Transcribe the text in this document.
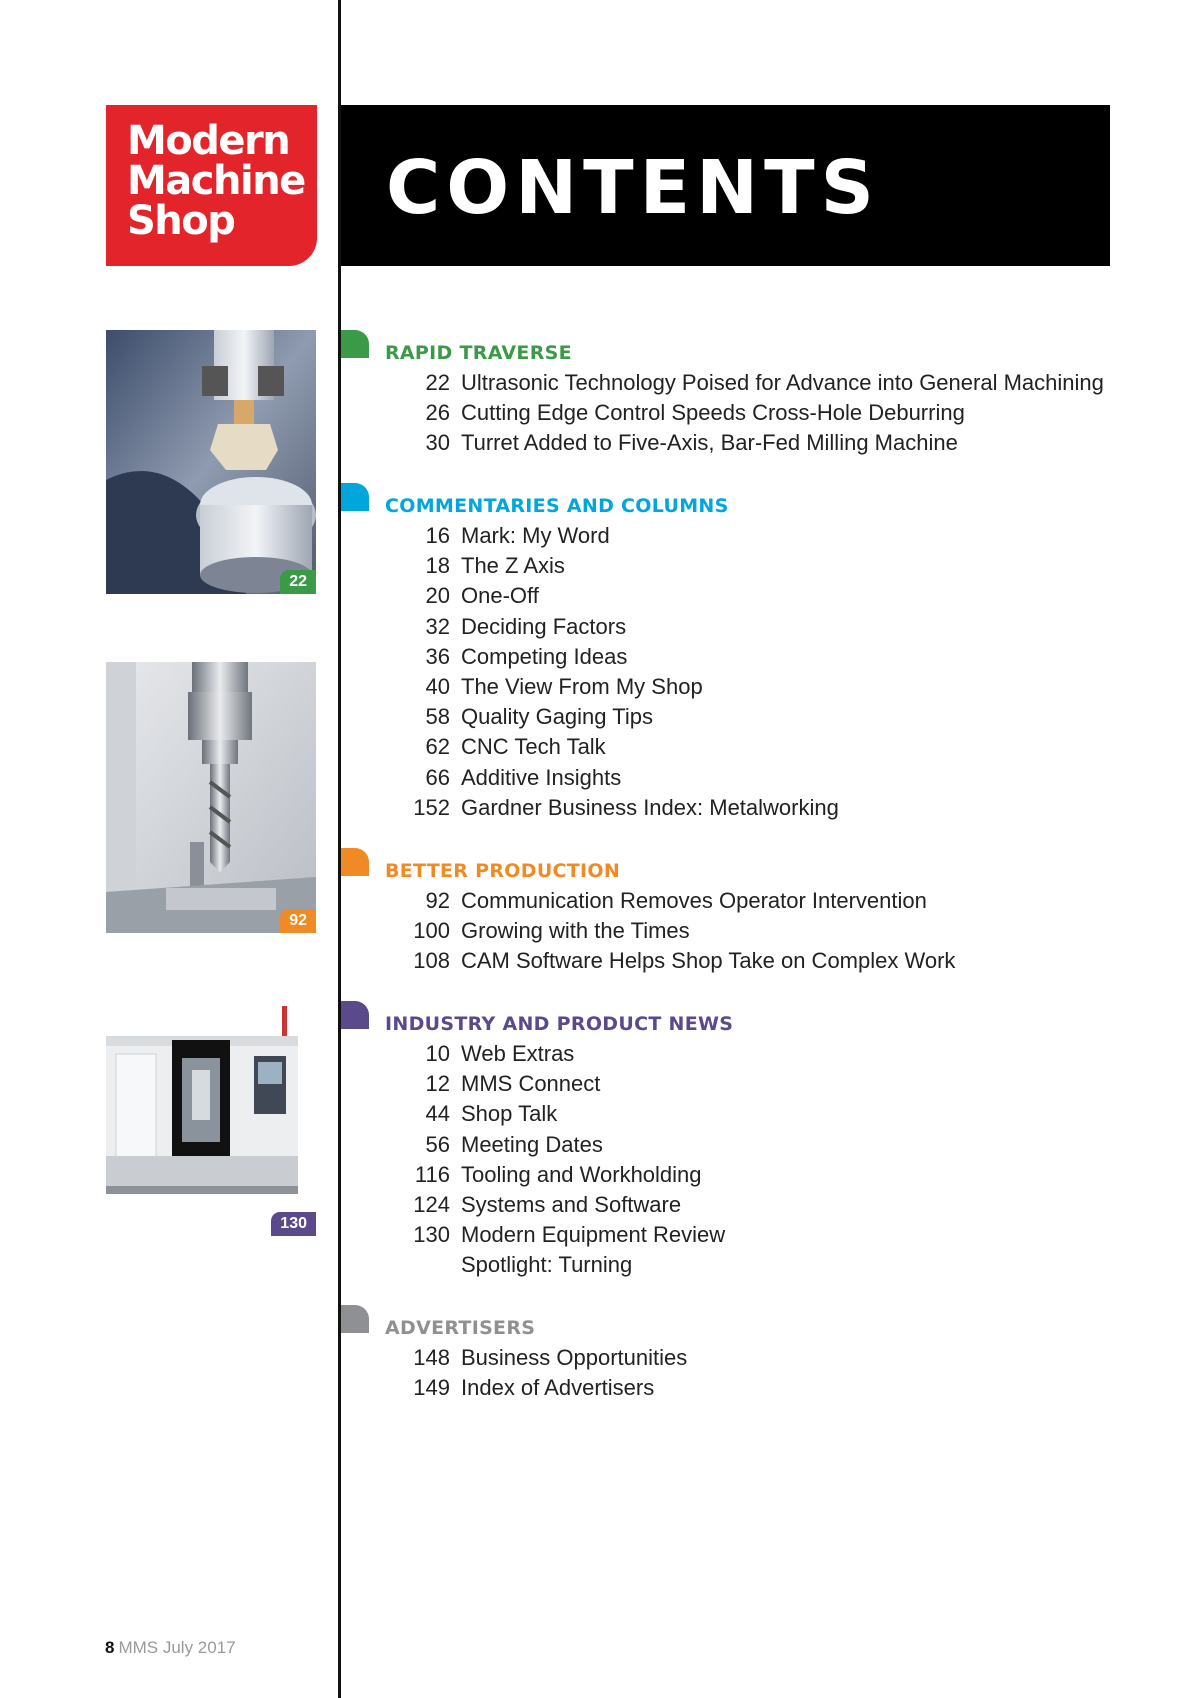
Modern
Machine
Shop	CONTENTS
22
92
130
RAPID TRAVERSE
22 Ultrasonic Technology Poised for Advance into General Machining
26 Cutting Edge Control Speeds Cross-Hole Deburring
30 Turret Added to Five-Axis, Bar-Fed Milling Machine
COMMENTARIES AND COLUMNS
16 Mark: My Word
18 The Z Axis
20 One-Off
32 Deciding Factors
36 Competing Ideas
40 The View From My Shop
58 Quality Gaging Tips
62 CNC Tech Talk
66 Additive Insights
152 Gardner Business Index: Metalworking
BETTER PRODUCTION
92 Communication Removes Operator Intervention
100 Growing with the Times
108 CAM Software Helps Shop Take on Complex Work
INDUSTRY AND PRODUCT NEWS
10 Web Extras
12 MMS Connect
44 Shop Talk
56 Meeting Dates
116 Tooling and Workholding
124 Systems and Software
130 Modern Equipment Review
Spotlight: Turning
ADVERTISERS
148 Business Opportunities
149 Index of Advertisers
8 MMS July 2017
